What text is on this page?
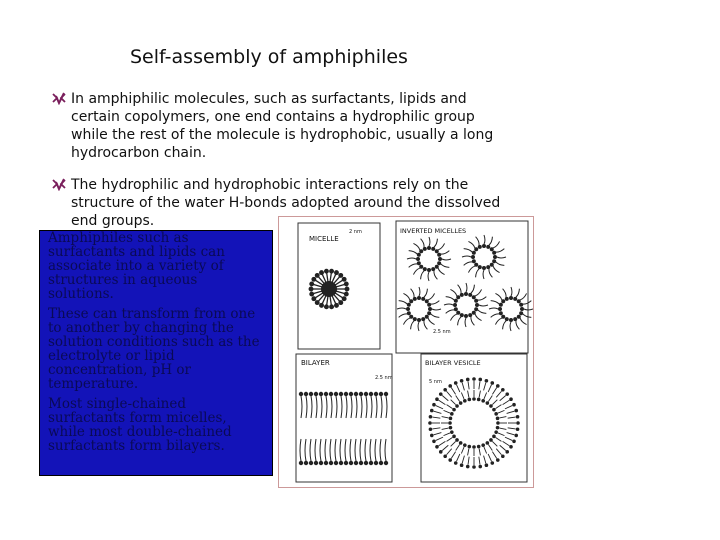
Self-assembly of amphiphiles
In amphiphilic molecules, such as surfactants, lipids and certain copolymers, one end contains a hydrophilic group while the rest of the molecule is hydrophobic, usually a long hydrocarbon chain.
The hydrophilic and hydrophobic interactions rely on the structure of the water H-bonds adopted around the dissolved end groups.

Amphiphiles such as surfactants and lipids can associate into a variety of structures in aqueous solutions.

These can transform from one to another by changing the solution conditions such as the electrolyte or lipid concentration, pH or temperature.

Most single-chained surfactants form micelles, while most double-chained surfactants form bilayers.

MICELLE
2 nm	INVERTED MICELLES
2.5 nm
BILAYER
2.5 nm
BILAYER VESICLE
5 nm
